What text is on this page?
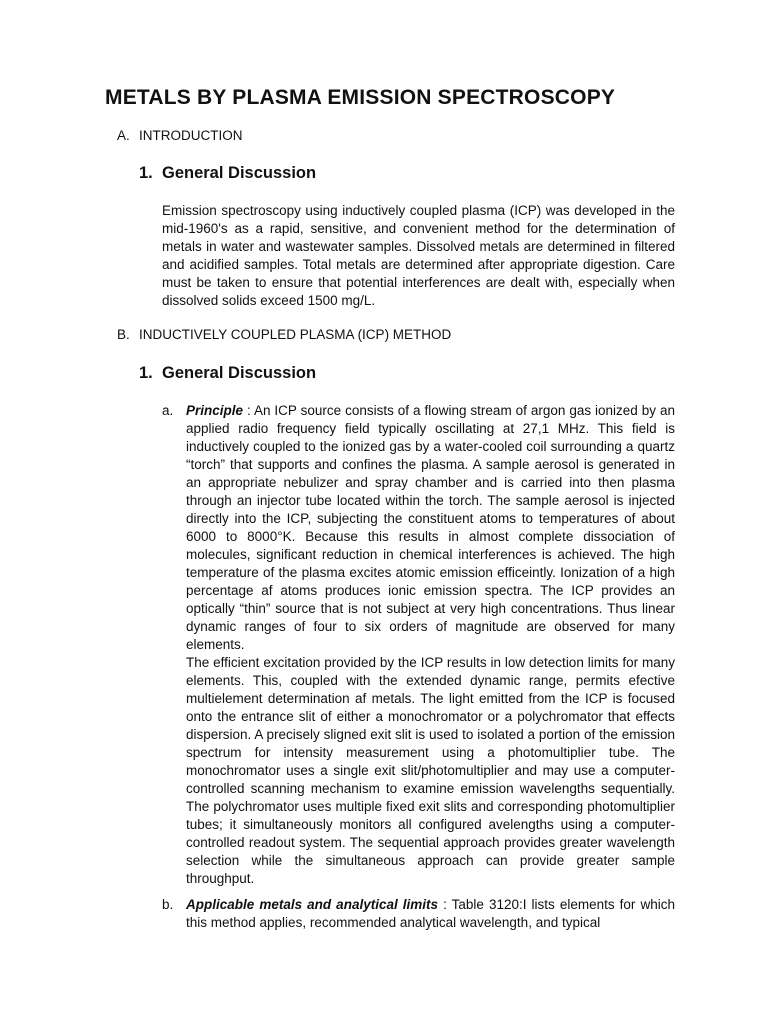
METALS BY PLASMA EMISSION SPECTROSCOPY
A. INTRODUCTION
1. General Discussion
Emission spectroscopy using inductively coupled plasma (ICP) was developed in the mid-1960's as a rapid, sensitive, and convenient method for the determination of metals in water and wastewater samples. Dissolved metals are determined in filtered and acidified samples. Total metals are determined after appropriate digestion. Care must be taken to ensure that potential interferences are dealt with, especially when dissolved solids exceed 1500 mg/L.
B. INDUCTIVELY COUPLED PLASMA (ICP) METHOD
1. General Discussion
a. Principle : An ICP source consists of a flowing stream of argon gas ionized by an applied radio frequency field typically oscillating at 27,1 MHz. This field is inductively coupled to the ionized gas by a water-cooled coil surrounding a quartz “torch” that supports and confines the plasma. A sample aerosol is generated in an appropriate nebulizer and spray chamber and is carried into then plasma through an injector tube located within the torch. The sample aerosol is injected directly into the ICP, subjecting the constituent atoms to temperatures of about 6000 to 8000°K. Because this results in almost complete dissociation of molecules, significant reduction in chemical interferences is achieved. The high temperature of the plasma excites atomic emission efficeintly. Ionization of a high percentage af atoms produces ionic emission spectra. The ICP provides an optically “thin” source that is not subject at very high concentrations. Thus linear dynamic ranges of four to six orders of magnitude are observed for many elements.

The efficient excitation provided by the ICP results in low detection limits for many elements. This, coupled with the extended dynamic range, permits efective multielement determination af metals. The light emitted from the ICP is focused onto the entrance slit of either a monochromator or a polychromator that effects dispersion. A precisely sligned exit slit is used to isolated a portion of the emission spectrum for intensity measurement using a photomultiplier tube. The monochromator uses a single exit slit/photomultiplier and may use a computer-controlled scanning mechanism to examine emission wavelengths sequentially. The polychromator uses multiple fixed exit slits and corresponding photomultiplier tubes; it simultaneously monitors all configured avelengths using a computer-controlled readout system. The sequential approach provides greater wavelength selection while the simultaneous approach can provide greater sample throughput.

b. Applicable metals and analytical limits : Table 3120:I lists elements for which this method applies, recommended analytical wavelength, and typical
